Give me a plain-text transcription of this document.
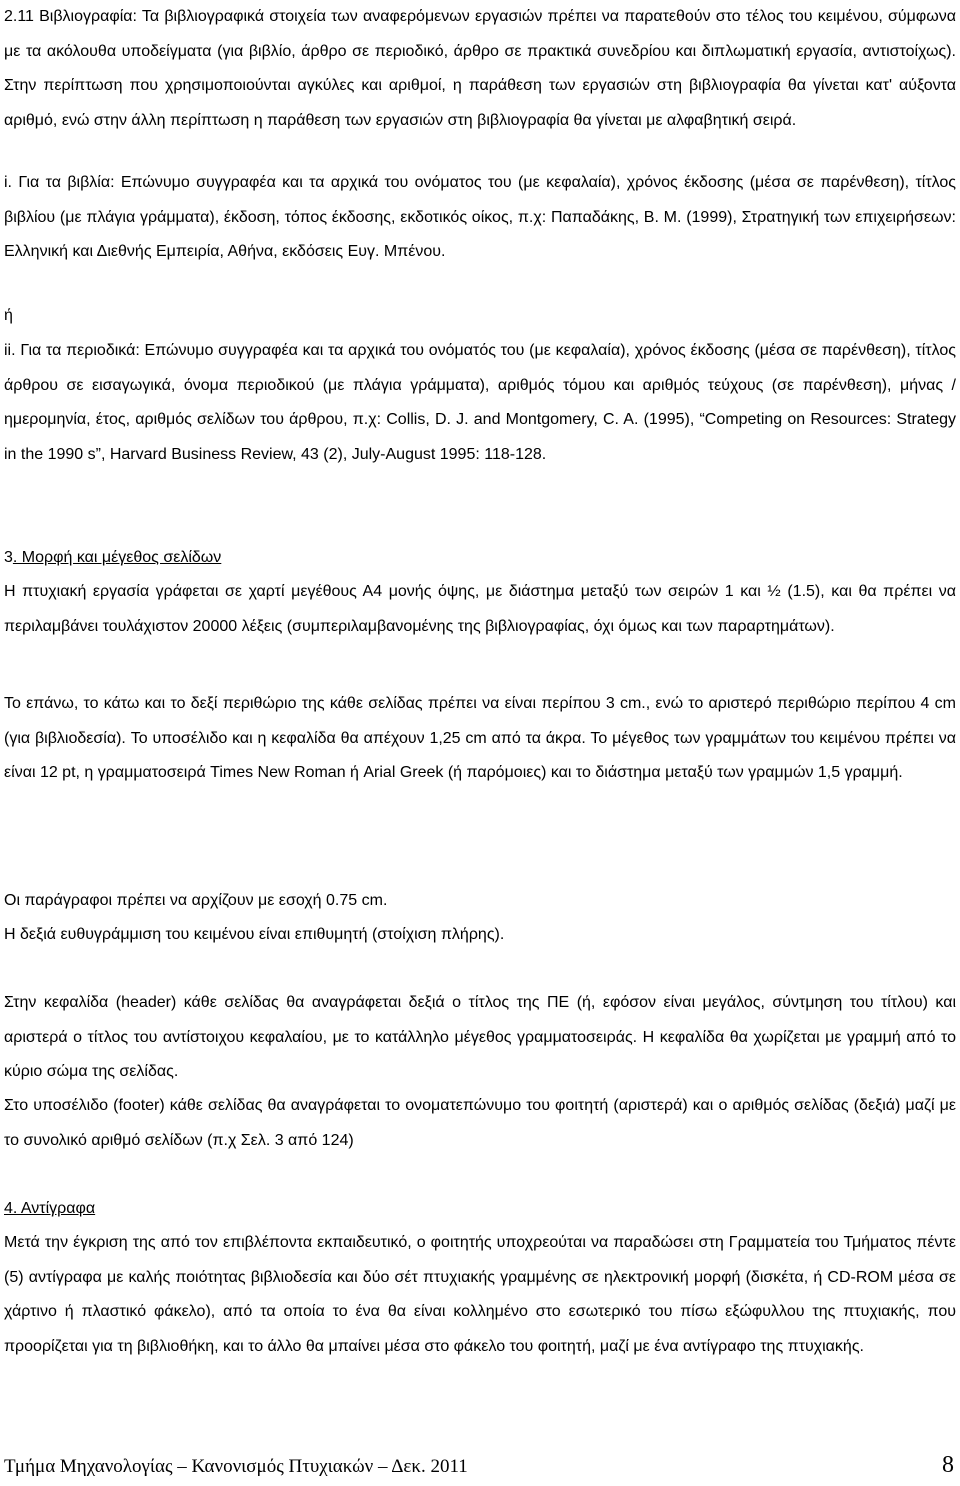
2.11 Βιβλιογραφία: Τα βιβλιογραφικά στοιχεία των αναφερόμενων εργασιών πρέπει να παρατεθούν στο τέλος του κειμένου, σύμφωνα με τα ακόλουθα υποδείγματα (για βιβλίο, άρθρο σε περιοδικό, άρθρο σε πρακτικά συνεδρίου και διπλωματική εργασία, αντιστοίχως). Στην περίπτωση που χρησιμοποιούνται αγκύλες και αριθμοί, η παράθεση των εργασιών στη βιβλιογραφία θα γίνεται κατ' αύξοντα αριθμό, ενώ στην άλλη περίπτωση η παράθεση των εργασιών στη βιβλιογραφία θα γίνεται με αλφαβητική σειρά.

i. Για τα βιβλία: Επώνυμο συγγραφέα και τα αρχικά του ονόματος του (με κεφαλαία), χρόνος έκδοσης (μέσα σε παρένθεση), τίτλος βιβλίου (με πλάγια γράμματα), έκδοση, τόπος έκδοσης, εκδοτικός οίκος, π.χ: Παπαδάκης, Β. Μ. (1999), Στρατηγική των επιχειρήσεων: Ελληνική και Διεθνής Εμπειρία, Αθήνα, εκδόσεις Ευγ. Μπένου.

ή

ii. Για τα περιοδικά: Επώνυμο συγγραφέα και τα αρχικά του ονόματός του (με κεφαλαία), χρόνος έκδοσης (μέσα σε παρένθεση), τίτλος άρθρου σε εισαγωγικά, όνομα περιοδικού (με πλάγια γράμματα), αριθμός τόμου και αριθμός τεύχους (σε παρένθεση), μήνας / ημερομηνία, έτος, αριθμός σελίδων του άρθρου, π.χ: Collis, D. J. and Montgomery, C. A. (1995), “Competing on Resources: Strategy in the 1990 s”, Harvard Business Review, 43 (2), July-August 1995: 118-128.

3. Μορφή και μέγεθος σελίδων

Η πτυχιακή εργασία γράφεται σε χαρτί μεγέθους Α4 μονής όψης, με διάστημα μεταξύ των σειρών 1 και ½ (1.5), και θα πρέπει να περιλαμβάνει τουλάχιστον 20000 λέξεις (συμπεριλαμβανομένης της βιβλιογραφίας, όχι όμως και των παραρτημάτων).

Το επάνω, το κάτω και το δεξί περιθώριο της κάθε σελίδας πρέπει να είναι περίπου 3 cm., ενώ το αριστερό περιθώριο περίπου 4 cm (για βιβλιοδεσία). Το υποσέλιδο και η κεφαλίδα θα απέχουν 1,25 cm από τα άκρα. Το μέγεθος των γραμμάτων του κειμένου πρέπει να είναι 12 pt, η γραμματοσειρά Times New Roman ή Arial Greek (ή παρόμοιες) και το διάστημα μεταξύ των γραμμών 1,5 γραμμή.

Οι παράγραφοι πρέπει να αρχίζουν με εσοχή 0.75 cm.

Η δεξιά ευθυγράμμιση του κειμένου είναι επιθυμητή (στοίχιση πλήρης).

Στην κεφαλίδα (header) κάθε σελίδας θα αναγράφεται δεξιά ο τίτλος της ΠΕ (ή, εφόσον είναι μεγάλος, σύντμηση του τίτλου) και αριστερά ο τίτλος του αντίστοιχου κεφαλαίου, με το κατάλληλο μέγεθος γραμματοσειράς. Η κεφαλίδα θα χωρίζεται με γραμμή από το κύριο σώμα της σελίδας.

Στο υποσέλιδο (footer) κάθε σελίδας θα αναγράφεται το ονοματεπώνυμο του φοιτητή (αριστερά) και ο αριθμός σελίδας (δεξιά) μαζί με το συνολικό αριθμό σελίδων (π.χ Σελ. 3 από 124)

4. Αντίγραφα

Μετά την έγκριση της από τον επιβλέποντα εκπαιδευτικό, ο φοιτητής υποχρεούται να παραδώσει στη Γραμματεία του Τμήματος πέντε (5) αντίγραφα με καλής ποιότητας βιβλιοδεσία και δύο σέτ πτυχιακής γραμμένης σε ηλεκτρονική μορφή (δισκέτα, ή CD-ROM μέσα σε χάρτινο ή πλαστικό φάκελο), από τα οποία το ένα θα είναι κολλημένο στο εσωτερικό του πίσω εξώφυλλου της πτυχιακής, που προορίζεται για τη βιβλιοθήκη, και το άλλο θα μπαίνει μέσα στο φάκελο του φοιτητή, μαζί με ένα αντίγραφο της πτυχιακής.

Τμήμα Μηχανολογίας – Κανονισμός Πτυχιακών – Δεκ. 2011	8
